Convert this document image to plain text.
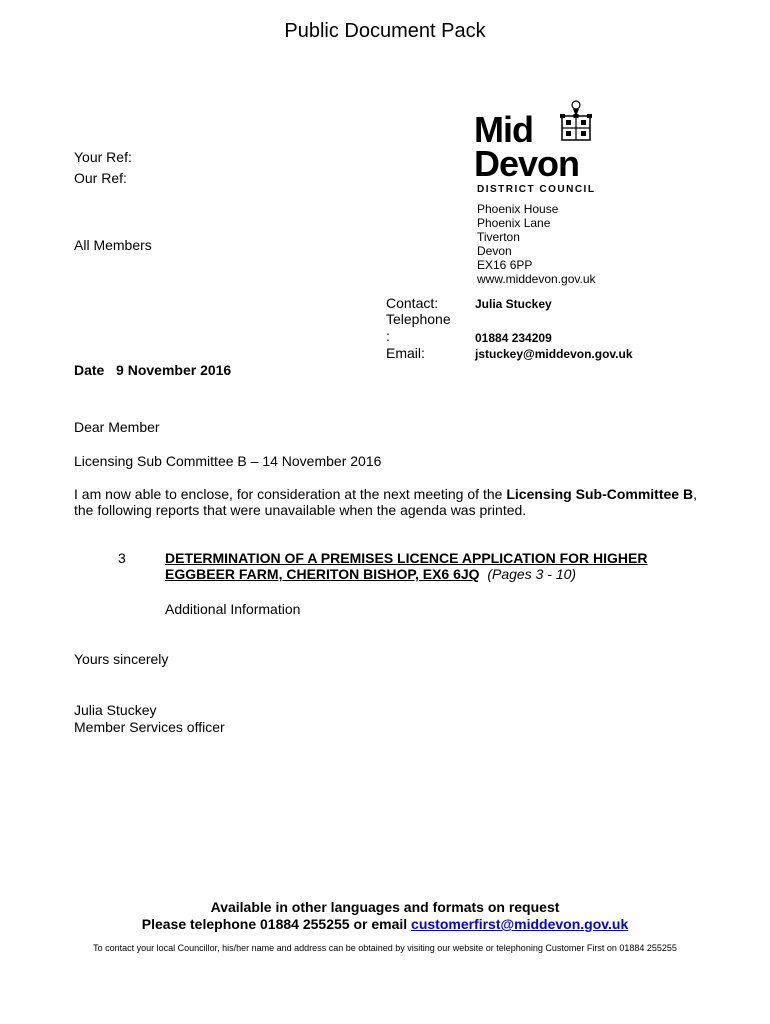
Public Document Pack
Your Ref:
Our Ref:
All Members
Mid
Devon
DISTRICT COUNCIL
Phoenix House
Phoenix Lane
Tiverton
Devon
EX16 6PP
www.middevon.gov.uk
Contact:	Julia Stuckey
Telephone
:	01884 234209
Email:	jstuckey@middevon.gov.uk
Date 9 November 2016
Dear Member
Licensing Sub Committee B – 14 November 2016
I am now able to enclose, for consideration at the next meeting of the Licensing Sub-Committee B, the following reports that were unavailable when the agenda was printed.
3	DETERMINATION OF A PREMISES LICENCE APPLICATION FOR HIGHER EGGBEER FARM, CHERITON BISHOP, EX6 6JQ (Pages 3 - 10)
Additional Information
Yours sincerely
Julia Stuckey
Member Services officer
Available in other languages and formats on request
Please telephone 01884 255255 or email customerfirst@middevon.gov.uk
To contact your local Councillor, his/her name and address can be obtained by visiting our website or telephoning Customer First on 01884 255255
